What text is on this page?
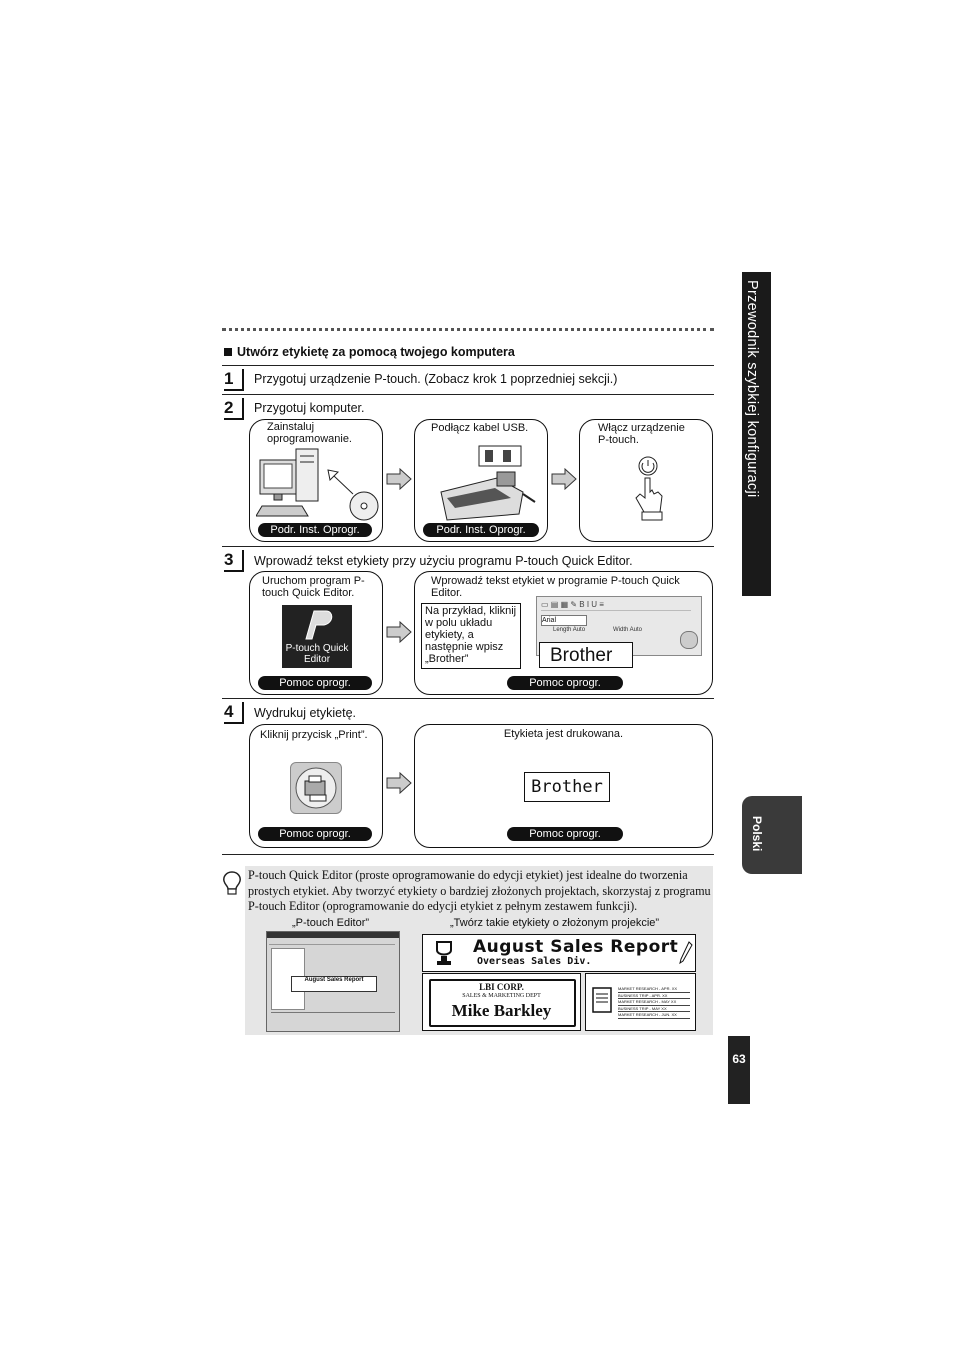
Przewodnik szybkiej konfiguracji
Polski
63
Utwórz etykietę za pomocą twojego komputera
1	Przygotuj urządzenie P-touch. (Zobacz krok 1 poprzedniej sekcji.)
2	Przygotuj komputer.
Zainstaluj oprogramowanie.
Podr. Inst. Oprogr.
Podłącz kabel USB.
Podr. Inst. Oprogr.
Włącz urządzenie P-touch.
3	Wprowadź tekst etykiety przy użyciu programu P-touch Quick Editor.
Uruchom program P-touch Quick Editor.
P-touch Quick Editor
Pomoc oprogr.
Wprowadź tekst etykiet w programie P-touch Quick Editor.
▭ ▤ ▦ ✎ B I U ≡
Arial
Length Auto	Width Auto
Na przykład, kliknij w polu układu etykiety, a następnie wpisz „Brother”	Brother
Pomoc oprogr.
4	Wydrukuj etykietę.
Kliknij przycisk „Print”.
Pomoc oprogr.
Etykieta jest drukowana.
Brother
Pomoc oprogr.
P-touch Quick Editor (proste oprogramowanie do edycji etykiet) jest idealne do tworzenia prostych etykiet. Aby tworzyć etykiety o bardziej złożonych projektach, skorzystaj z programu P-touch Editor (oprogramowanie do edycji etykiet z pełnym zestawem funkcji).
„P-touch Editor”	„Twórz takie etykiety o złożonym projekcie”
August Sales Report
August Sales Report
Overseas Sales Div.
LBI CORP.
SALES & MARKETING DEPT
Mike Barkley
MARKET RESEARCH - APR. XX
BUSINESS TRIP - APR. XX
MARKET RESEARCH - MAY XX
BUSINESS TRIP - MAY XX
MARKET RESEARCH - JUN. XX
